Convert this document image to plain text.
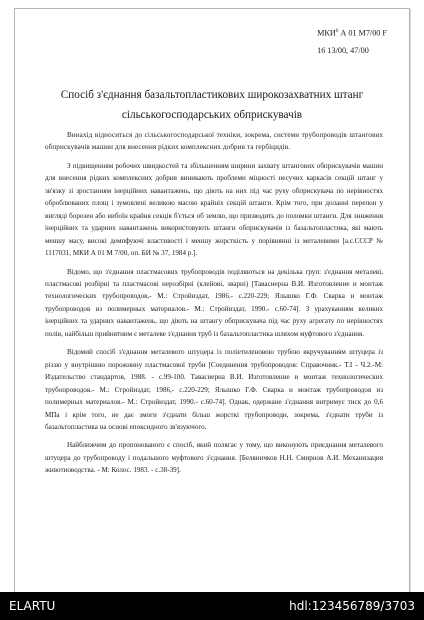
МКИ$^6$ А 01 М7/00 F
16 13/00, 47/00
Спосіб з'єднання базальтопластикових широкозахватних штанг сільськогосподарських обприскувачів

Винахід відноситься до сільськогосподарської техніки, зокрема, системи трубопроводів штангових обприскувачів машин для внесення рідких комплексних добрив та гербіцидів.

З підвищенням робочих швидкостей та збільшенням ширини захвату штангових обприскувачів машин для внесення рідких комплексних добрив виникають проблеми міцності несучих каркасів секцій штанг у зв'язку зі зростанням інерційних навантажень, що діють на них під час руху обприскувача по нерівностях оброблюваних площ і зумовлені великою масою крайніх секцій штанги. Крім того, при доланні перепон у вигляді борозен або вибоїн крайня секція б'ється об землю, що призводить до поломки штанги. Для зниження інерційних та ударних навантажень використовують штанги обприскувачів із базальтопластика, які мають меншу масу, високі демпфуючі властивості і меншу жорсткість у порівнянні із металевими [а.с.СССР № 1117031, МКИ А 01 М 7/00, оп. БИ № 37, 1984 р.].

Відомо, що з'єднання пластмасових трубопроводів поділяються на декілька груп: з'єднання металеві, пластмасові розбірні та пластмасові нерозбірні (клейові, зварні) [Тавасиерна В.И. Изготовление и монтаж технологических трубопроводов,- М.: Стройиздат, 1986.- с.220-229; Ялышко Г.Ф. Сварка и монтаж трубопроводов из полимерных материалов.- М.: Стройиздат, 1990.- с.60-74]. З урахуванням великих інерційних та ударних навантажень, що діють на штангу обприскувача під час руху агрегату по нерівностях полів, найбільш прийнятним є металеве з'єднання труб із базальтопластика шляхом муфтового з'єднання.

Відомий спосіб з'єднання металевого штуцера із поліетиленовою трубою вкручуванням штуцера із різзю у внутрішню порожнину пластмасової труби [Соединения трубопроводов: Справочник.- Т.І - Ч.2.-М: Издательство стандартов, 1988. - с.99-100. Тавасиерна В.И. Изготовление и монтаж технологических трубопроводов.- М.: Стройиздат, 1986,- с.220-229; Ялышко Г.Ф. Сварка и монтаж трубопроводов из полимерных материалов.- М.: Стройиздат, 1990.- с.60-74]. Однак, одержане з'єднання витримує тиск до 0,6 МПа і крім того, не дає змоги з'єднати більш жорсткі трубопроводи, зокрема, з'єднати труби із базальтопластика на основі епоксидного зв'язуючого.

Найближчим до пропонованого є спосіб, який полягає у тому, що виконують приєднання металевого штуцера до трубопроводу і подальшого муфтового з'єднання. [Беляничков Н.Н. Смирнов А.И. Механизация животноводства. - М: Колос. 1983. - с.38-39].

ELARTU	hdl:123456789/3703
